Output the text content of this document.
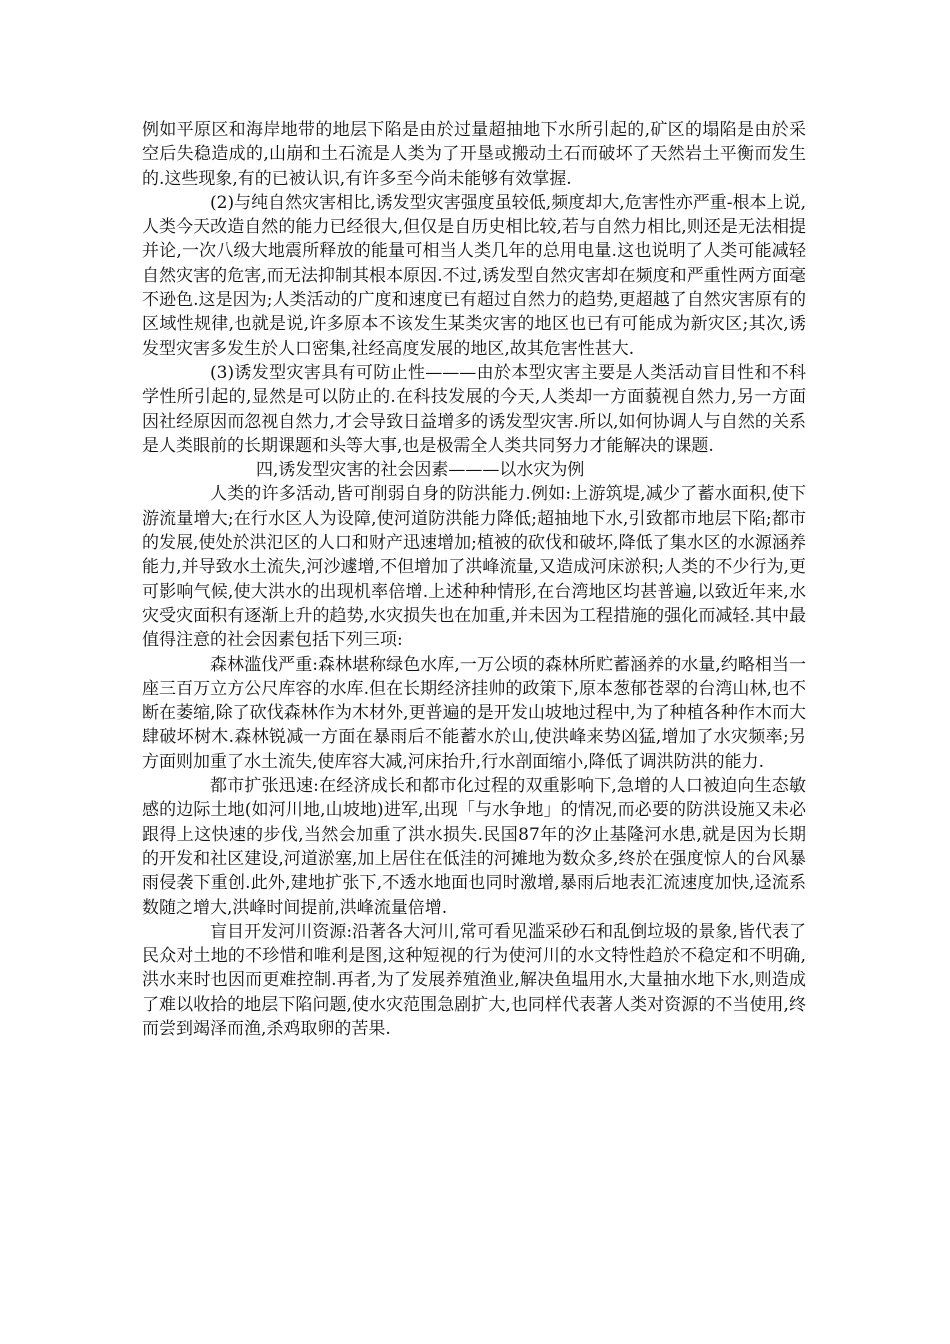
例如平原区和海岸地带的地层下陷是由於过量超抽地下水所引起的,矿区的塌陷是由於采空后失稳造成的,山崩和土石流是人类为了开垦或搬动土石而破坏了天然岩土平衡而发生的.这些现象,有的已被认识,有许多至今尚未能够有效掌握.

(2)与纯自然灾害相比,诱发型灾害强度虽较低,频度却大,危害性亦严重-根本上说,人类今天改造自然的能力已经很大,但仅是自历史相比较,若与自然力相比,则还是无法相提并论,一次八级大地震所释放的能量可相当人类几年的总用电量.这也说明了人类可能减轻自然灾害的危害,而无法抑制其根本原因.不过,诱发型自然灾害却在频度和严重性两方面毫不逊色.这是因为;人类活动的广度和速度已有超过自然力的趋势,更超越了自然灾害原有的区域性规律,也就是说,许多原本不该发生某类灾害的地区也已有可能成为新灾区;其次,诱发型灾害多发生於人口密集,社经高度发展的地区,故其危害性甚大.

(3)诱发型灾害具有可防止性———由於本型灾害主要是人类活动盲目性和不科学性所引起的,显然是可以防止的.在科技发展的今天,人类却一方面藐视自然力,另一方面因社经原因而忽视自然力,才会导致日益增多的诱发型灾害.所以,如何协调人与自然的关系是人类眼前的长期课题和头等大事,也是极需全人类共同努力才能解决的课题.

四,诱发型灾害的社会因素———以水灾为例

人类的许多活动,皆可削弱自身的防洪能力.例如:上游筑堤,减少了蓄水面积,使下游流量增大;在行水区人为设障,使河道防洪能力降低;超抽地下水,引致都市地层下陷;都市的发展,使处於洪氾区的人口和财产迅速增加;植被的砍伐和破坏,降低了集水区的水源涵养能力,并导致水土流失,河沙遽增,不但增加了洪峰流量,又造成河床淤积;人类的不少行为,更可影响气候,使大洪水的出现机率倍增.上述种种情形,在台湾地区均甚普遍,以致近年来,水灾受灾面积有逐渐上升的趋势,水灾损失也在加重,并未因为工程措施的强化而减轻.其中最值得注意的社会因素包括下列三项:

森林滥伐严重:森林堪称绿色水库,一万公顷的森林所贮蓄涵养的水量,约略相当一座三百万立方公尺库容的水库.但在长期经济挂帅的政策下,原本葱郁苍翠的台湾山林,也不断在萎缩,除了砍伐森林作为木材外,更普遍的是开发山坡地过程中,为了种植各种作木而大肆破坏树木.森林锐减一方面在暴雨后不能蓄水於山,使洪峰来势凶猛,增加了水灾频率;另方面则加重了水土流失,使库容大减,河床抬升,行水剖面缩小,降低了调洪防洪的能力.

都市扩张迅速:在经济成长和都市化过程的双重影响下,急增的人口被迫向生态敏感的边际土地(如河川地,山坡地)进军,出现「与水争地」的情况,而必要的防洪设施又未必跟得上这快速的步伐,当然会加重了洪水损失.民国87年的汐止基隆河水患,就是因为长期的开发和社区建设,河道淤塞,加上居住在低洼的河摊地为数众多,终於在强度惊人的台风暴雨侵袭下重创.此外,建地扩张下,不透水地面也同时激增,暴雨后地表汇流速度加快,迳流系数随之增大,洪峰时间提前,洪峰流量倍增.

盲目开发河川资源:沿著各大河川,常可看见滥采砂石和乱倒垃圾的景象,皆代表了民众对土地的不珍惜和唯利是图,这种短视的行为使河川的水文特性趋於不稳定和不明确,洪水来时也因而更难控制.再者,为了发展养殖渔业,解决鱼塭用水,大量抽水地下水,则造成了难以收拾的地层下陷问题,使水灾范围急剧扩大,也同样代表著人类对资源的不当使用,终而尝到竭泽而渔,杀鸡取卵的苦果.
